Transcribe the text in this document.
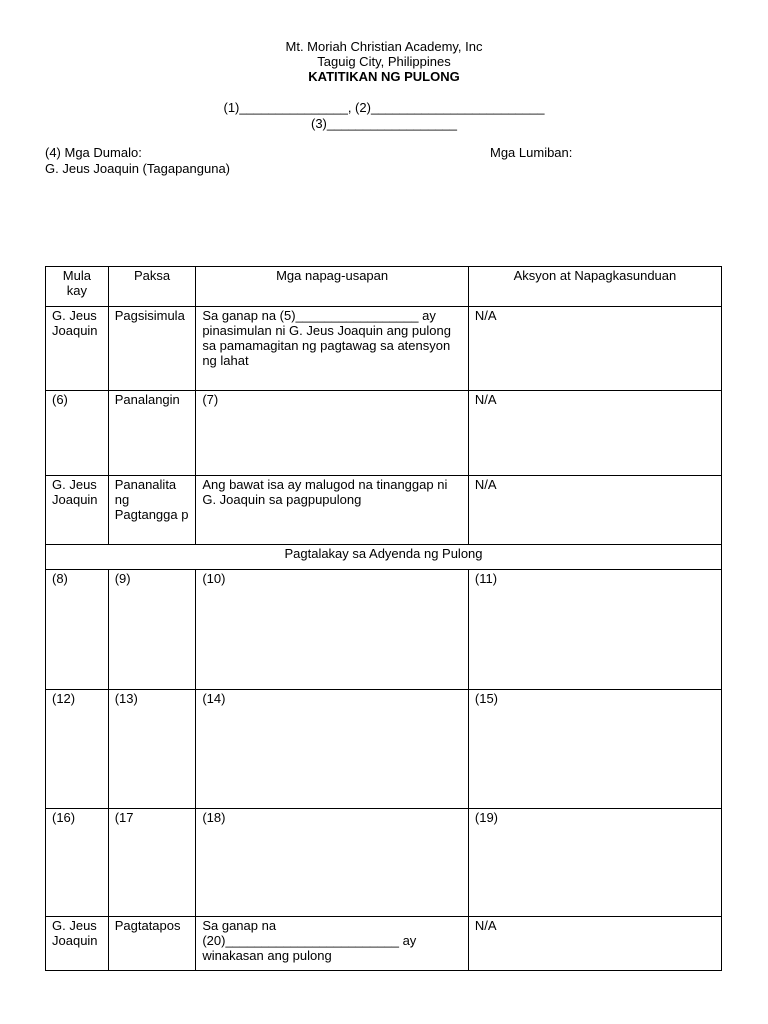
Mt. Moriah Christian Academy, Inc
Taguig City, Philippines
KATITIKAN NG PULONG
(1)_______________, (2)________________________
(3)__________________
(4) Mga Dumalo:
G. Jeus Joaquin (Tagapanguna)
Mga Lumiban:
Mula kay	Paksa	Mga napag-usapan	Aksyon at Napagkasunduan
G. Jeus Joaquin	Pagsisimula	Sa ganap na (5)_________________ ay pinasimulan ni G. Jeus Joaquin ang pulong sa pamamagitan ng pagtawag sa atensyon ng lahat	N/A
(6)	Panalangin	(7)	N/A
G. Jeus Joaquin	Pananalita ng Pagtangga p	Ang bawat isa ay malugod na tinanggap ni G. Joaquin sa pagpupulong	N/A
Pagtalakay sa Adyenda ng Pulong			
(8)	(9)	(10)	(11)
(12)	(13)	(14)	(15)
(16)	(17	(18)	(19)
G. Jeus Joaquin	Pagtatapos	Sa ganap na (20)________________________ ay winakasan ang pulong	N/A
